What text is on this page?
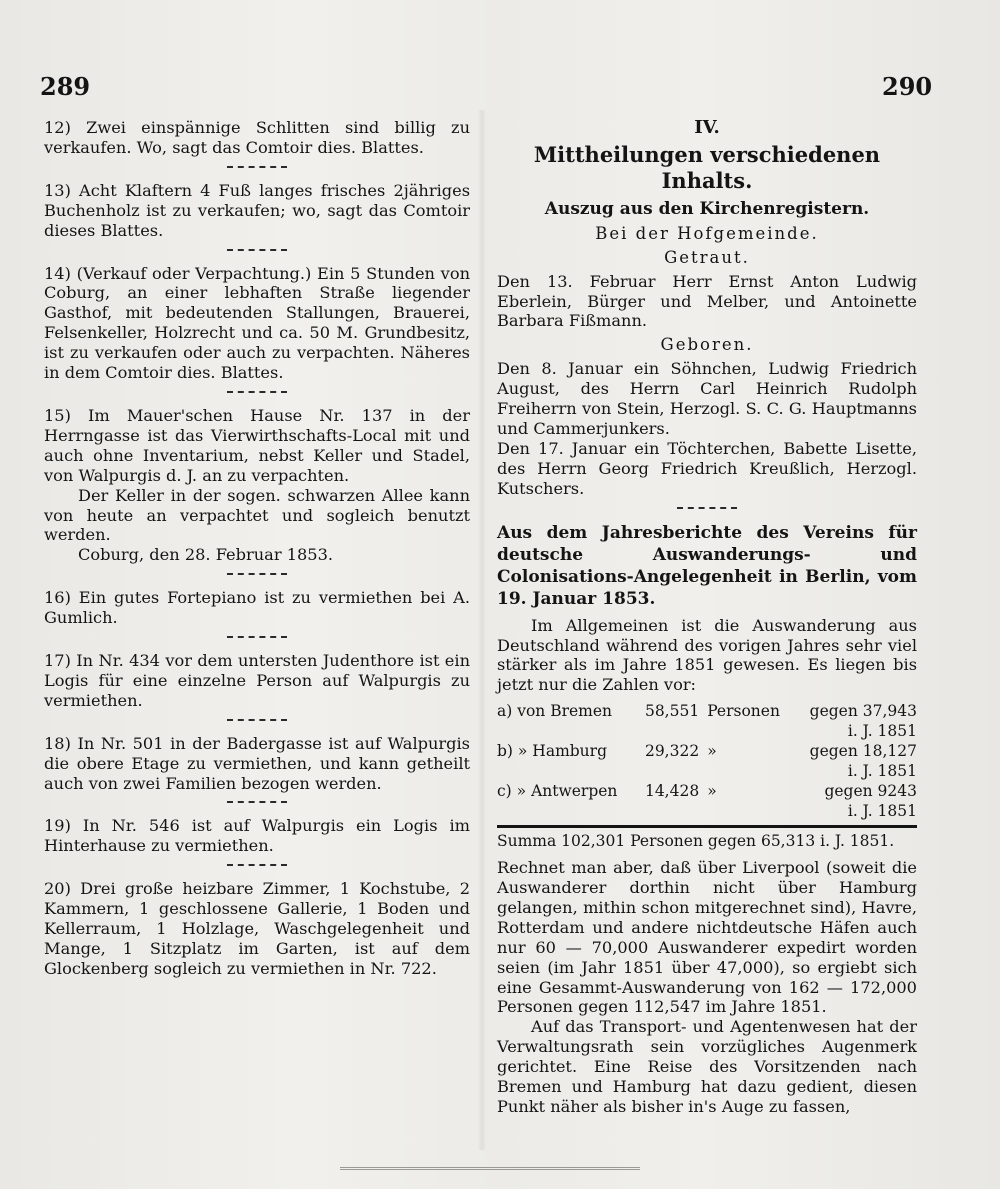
289	290

12) Zwei einspännige Schlitten sind billig zu verkaufen. Wo, sagt das Comtoir dies. Blattes.

13) Acht Klaftern 4 Fuß langes frisches 2jähriges Buchenholz ist zu verkaufen; wo, sagt das Comtoir dieses Blattes.

14) (Verkauf oder Verpachtung.) Ein 5 Stunden von Coburg, an einer lebhaften Straße liegender Gasthof, mit bedeutenden Stallungen, Brauerei, Felsenkeller, Holzrecht und ca. 50 M. Grundbesitz, ist zu verkaufen oder auch zu verpachten. Näheres in dem Comtoir dies. Blattes.

15) Im Mauer'schen Hause Nr. 137 in der Herrngasse ist das Vierwirthschafts-Local mit und auch ohne Inventarium, nebst Keller und Stadel, von Walpurgis d. J. an zu verpachten.

Der Keller in der sogen. schwarzen Allee kann von heute an verpachtet und sogleich benutzt werden.

Coburg, den 28. Februar 1853.

16) Ein gutes Fortepiano ist zu vermiethen bei A. Gumlich.

17) In Nr. 434 vor dem untersten Judenthore ist ein Logis für eine einzelne Person auf Walpurgis zu vermiethen.

18) In Nr. 501 in der Badergasse ist auf Walpurgis die obere Etage zu vermiethen, und kann getheilt auch von zwei Familien bezogen werden.

19) In Nr. 546 ist auf Walpurgis ein Logis im Hinterhause zu vermiethen.

20) Drei große heizbare Zimmer, 1 Kochstube, 2 Kammern, 1 geschlossene Gallerie, 1 Boden und Kellerraum, 1 Holzlage, Waschgelegenheit und Mange, 1 Sitzplatz im Garten, ist auf dem Glockenberg sogleich zu vermiethen in Nr. 722.

IV.
Mittheilungen verschiedenen Inhalts.
Auszug aus den Kirchenregistern.
Bei der Hofgemeinde.
Getraut.

Den 13. Februar Herr Ernst Anton Ludwig Eberlein, Bürger und Melber, und Antoinette Barbara Fißmann.

Geboren.

Den 8. Januar ein Söhnchen, Ludwig Friedrich August, des Herrn Carl Heinrich Rudolph Freiherrn von Stein, Herzogl. S. C. G. Hauptmanns und Cammerjunkers.

Den 17. Januar ein Töchterchen, Babette Lisette, des Herrn Georg Friedrich Kreußlich, Herzogl. Kutschers.

Aus dem Jahresberichte des Vereins für deutsche Auswanderungs- und Colonisations-Angelegenheit in Berlin, vom 19. Januar 1853.

Im Allgemeinen ist die Auswanderung aus Deutschland während des vorigen Jahres sehr viel stärker als im Jahre 1851 gewesen. Es liegen bis jetzt nur die Zahlen vor:

a) von Bremen	58,551	Personen	gegen 37,943
i. J. 1851			
b) » Hamburg	29,322	»	gegen 18,127
i. J. 1851			
c) » Antwerpen	14,428	»	gegen 9243
i. J. 1851			
Summa 102,301 Personen gegen 65,313 i. J. 1851.

Rechnet man aber, daß über Liverpool (soweit die Auswanderer dorthin nicht über Hamburg gelangen, mithin schon mitgerechnet sind), Havre, Rotterdam und andere nichtdeutsche Häfen auch nur 60 — 70,000 Auswanderer expedirt worden seien (im Jahr 1851 über 47,000), so ergiebt sich eine Gesammt-Auswanderung von 162 — 172,000 Personen gegen 112,547 im Jahre 1851.

Auf das Transport- und Agentenwesen hat der Verwaltungsrath sein vorzügliches Augenmerk gerichtet. Eine Reise des Vorsitzenden nach Bremen und Hamburg hat dazu gedient, diesen Punkt näher als bisher in's Auge zu fassen,
